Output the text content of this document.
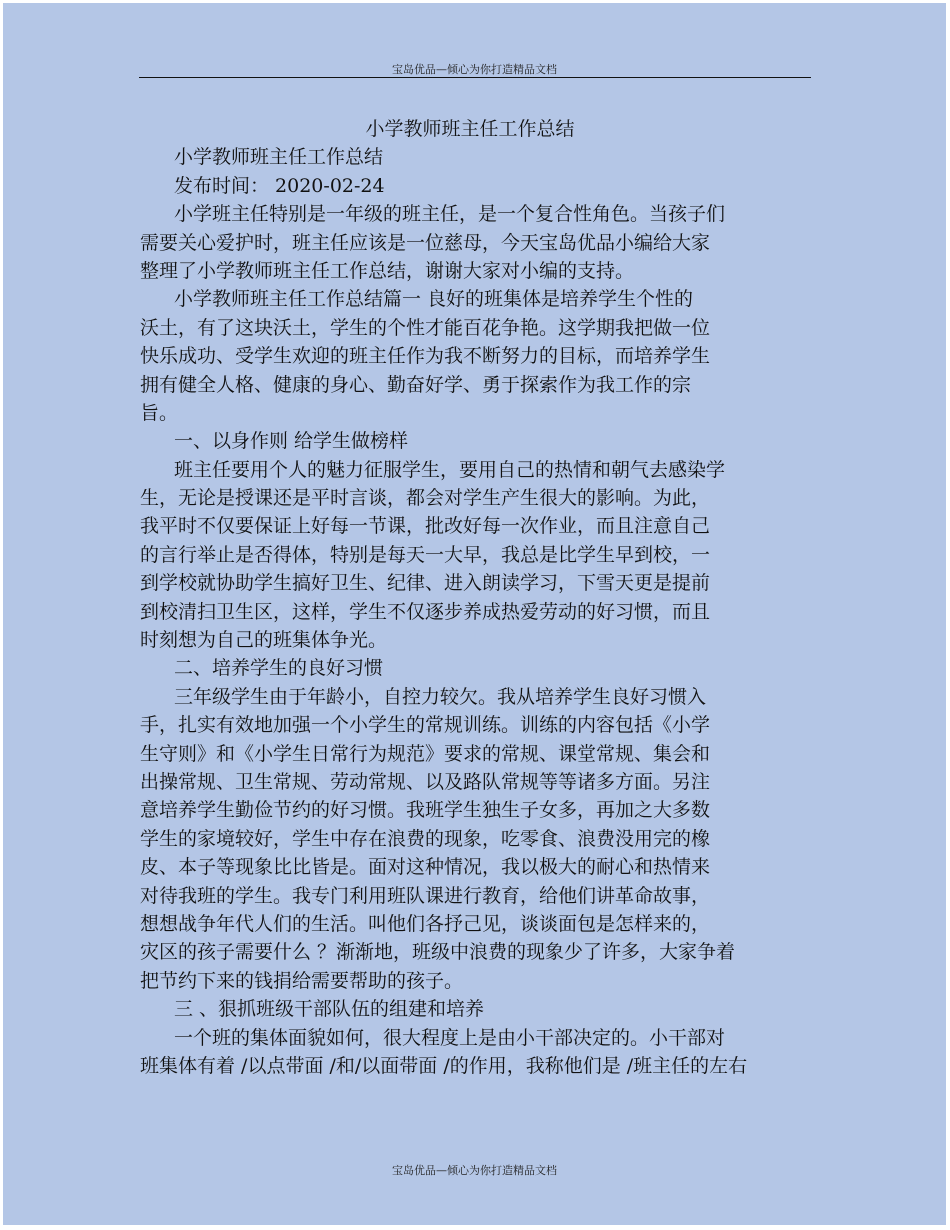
宝岛优品—倾心为你打造精品文档
小学教师班主任工作总结
小学教师班主任工作总结
发布时间： 2020-02-24
小学班主任特别是一年级的班主任，是一个复合性角色。当孩子们
需要关心爱护时，班主任应该是一位慈母，今天宝岛优品小编给大家
整理了小学教师班主任工作总结，谢谢大家对小编的支持。
小学教师班主任工作总结篇一 良好的班集体是培养学生个性的
沃土，有了这块沃土，学生的个性才能百花争艳。这学期我把做一位
快乐成功、受学生欢迎的班主任作为我不断努力的目标，而培养学生
拥有健全人格、健康的身心、勤奋好学、勇于探索作为我工作的宗
旨。
一、以身作则 给学生做榜样
班主任要用个人的魅力征服学生，要用自己的热情和朝气去感染学
生，无论是授课还是平时言谈，都会对学生产生很大的影响。为此，
我平时不仅要保证上好每一节课，批改好每一次作业，而且注意自己
的言行举止是否得体，特别是每天一大早，我总是比学生早到校，一
到学校就协助学生搞好卫生、纪律、进入朗读学习，下雪天更是提前
到校清扫卫生区，这样，学生不仅逐步养成热爱劳动的好习惯，而且
时刻想为自己的班集体争光。
二、培养学生的良好习惯
三年级学生由于年龄小，自控力较欠。我从培养学生良好习惯入
手，扎实有效地加强一个小学生的常规训练。训练的内容包括《小学
生守则》和《小学生日常行为规范》要求的常规、课堂常规、集会和
出操常规、卫生常规、劳动常规、以及路队常规等等诸多方面。另注
意培养学生勤俭节约的好习惯。我班学生独生子女多，再加之大多数
学生的家境较好，学生中存在浪费的现象，吃零食、浪费没用完的橡
皮、本子等现象比比皆是。面对这种情况，我以极大的耐心和热情来
对待我班的学生。我专门利用班队课进行教育，给他们讲革命故事，
想想战争年代人们的生活。叫他们各抒己见，谈谈面包是怎样来的，
灾区的孩子需要什么 ？渐渐地，班级中浪费的现象少了许多，大家争着
把节约下来的钱捐给需要帮助的孩子。
三 、狠抓班级干部队伍的组建和培养
一个班的集体面貌如何，很大程度上是由小干部决定的。小干部对
班集体有着 /以点带面 /和/以面带面 /的作用，我称他们是 /班主任的左右
宝岛优品—倾心为你打造精品文档
